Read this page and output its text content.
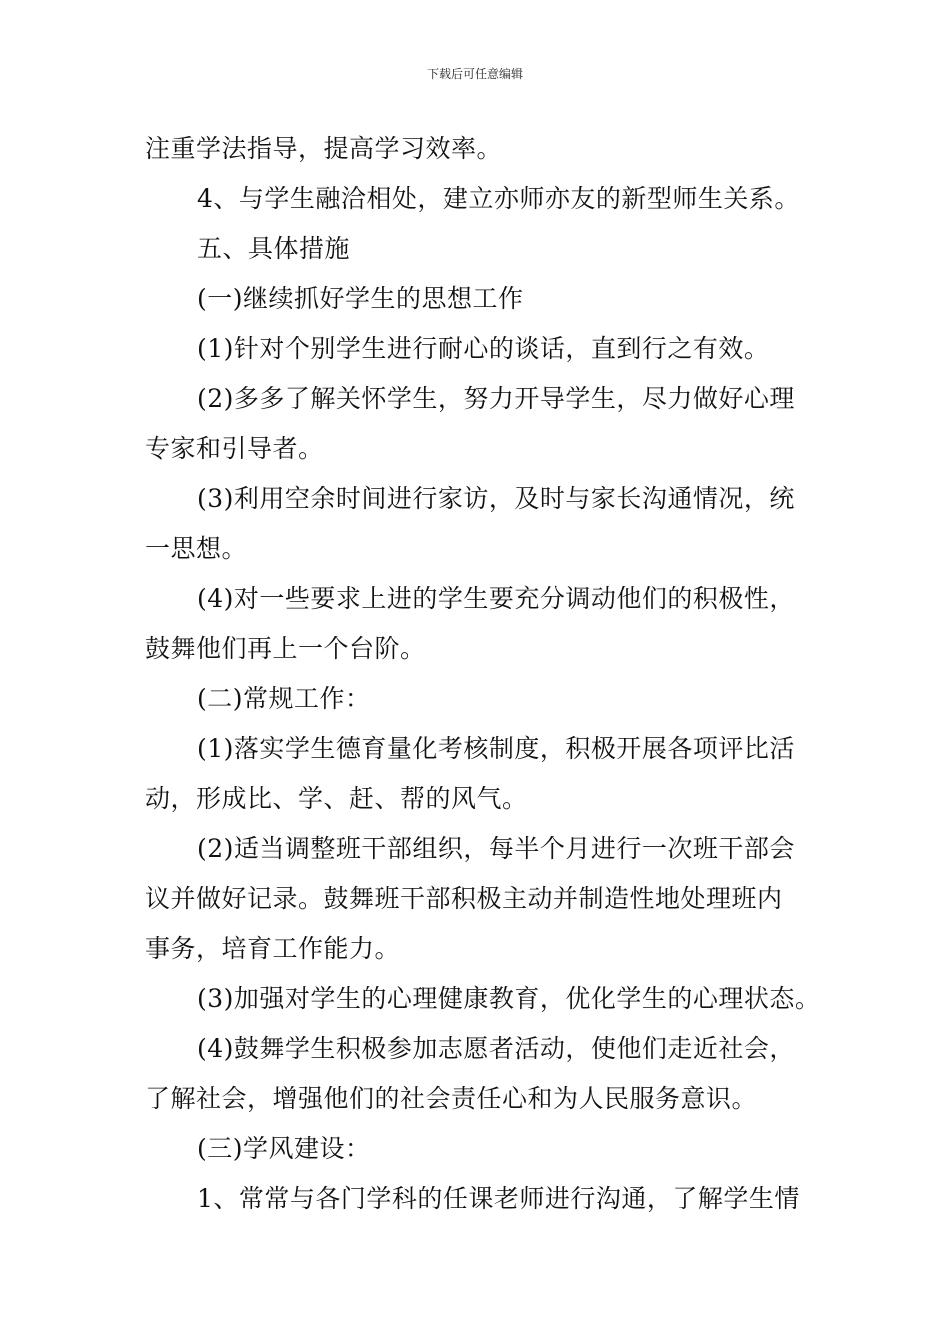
下载后可任意编辑
注重学法指导，提高学习效率。
4、与学生融洽相处，建立亦师亦友的新型师生关系。
五、具体措施
(一)继续抓好学生的思想工作
(1)针对个别学生进行耐心的谈话，直到行之有效。
(2)多多了解关怀学生，努力开导学生，尽力做好心理
专家和引导者。
(3)利用空余时间进行家访，及时与家长沟通情况，统
一思想。
(4)对一些要求上进的学生要充分调动他们的积极性，
鼓舞他们再上一个台阶。
(二)常规工作：
(1)落实学生德育量化考核制度，积极开展各项评比活
动，形成比、学、赶、帮的风气。
(2)适当调整班干部组织，每半个月进行一次班干部会
议并做好记录。鼓舞班干部积极主动并制造性地处理班内
事务，培育工作能力。
(3)加强对学生的心理健康教育，优化学生的心理状态。
(4)鼓舞学生积极参加志愿者活动，使他们走近社会，
了解社会，增强他们的社会责任心和为人民服务意识。
(三)学风建设：
1、常常与各门学科的任课老师进行沟通，了解学生情
